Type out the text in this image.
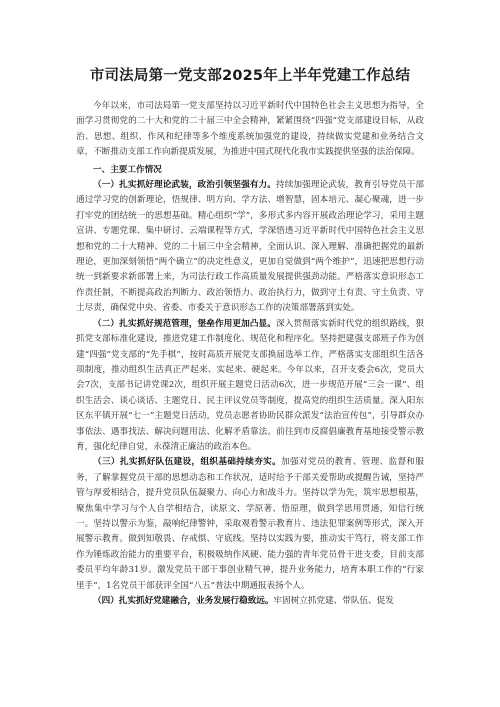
市司法局第一党支部2025年上半年党建工作总结

今年以来，市司法局第一党支部坚持以习近平新时代中国特色社会主义思想为指导，全面学习贯彻党的二十大和党的二十届三中全会精神，紧紧围绕“四强”党支部建设目标，从政治、思想、组织、作风和纪律等多个维度系统加强党的建设，持续做实党建和业务结合文章，不断推动支部工作向新提质发展，为推进中国式现代化我市实践提供坚强的法治保障。

一、主要工作情况

（一）扎实抓好理论武装，政治引领坚强有力。持续加强理论武装，教育引导党员干部通过学习党的创新理论，悟规律、明方向、学方法、增智慧，固本培元、凝心聚魂，进一步打牢党的团结统一的思想基础。精心组织“学”，多形式多内容开展政治理论学习，采用主题宣讲、专题党课、集中研讨、云端课程等方式，学深悟透习近平新时代中国特色社会主义思想和党的二十大精神、党的二十届三中全会精神，全面认识、深入理解、准确把握党的最新理论，更加深刻领悟“两个确立”的决定性意义，更加自觉做到“两个维护”，迅速把思想行动统一到新要求新部署上来，为司法行政工作高质量发展提供强劲动能。严格落实意识形态工作责任制，不断提高政治判断力、政治领悟力、政治执行力，做到守土有责、守土负责、守土尽责，确保党中央、省委、市委关于意识形态工作的决策部署落到实处。

（二）扎实抓好规范管理，堡垒作用更加凸显。深入贯彻落实新时代党的组织路线，狠抓党支部标准化建设，推进党建工作制度化、规范化和程序化。坚持把建强支部班子作为创建“四强”党支部的“先手棋”，按时高质开展党支部换届选举工作，严格落实支部组织生活各项制度，推动组织生活真正严起来、实起来、硬起来。今年以来，召开支委会6次，党员大会7次，支部书记讲党课2次，组织开展主题党日活动6次，进一步规范开展“三会一课”、组织生活会、谈心谈话、主题党日、民主评议党员等制度，提高党的组织生活质量。深入阳东区东平镇开展“七一”主题党日活动，党员志愿者协助民群众派发“法治宣传包”，引导群众办事依法、遇事找法、解决问题用法、化解矛盾靠法。前往到市反腐倡廉教育基地接受警示教育，强化纪律自觉，永葆清正廉洁的政治本色。

（三）扎实抓好队伍建设，组织基础持续夯实。加强对党员的教育、管理、监督和服务，了解掌握党员干部的思想动态和工作状况，适时给予干部关爱帮助或提醒告诫，坚持严管与厚爱相结合，提升党员队伍凝聚力、向心力和战斗力。坚持以学为先，筑牢思想根基，聚焦集中学习与个人自学相结合，读原文、学原著、悟原理，做到学思用贯通，知信行统一。坚持以警示为鉴，敲响纪律警钟，采取观看警示教育片、违法犯罪案例等形式，深入开展警示教育。做到知敬畏、存戒惧、守底线。坚持以实践为要，推动实干笃行，将支部工作作为锤炼政治能力的重要平台，积极吸纳作风硬、能力强的青年党员骨干进支委，目前支部委员平均年龄31岁。激发党员干部干事创业精气神，提升业务能力，培育本职工作的“行家里手”，1名党员干部获评全国“八五”普法中期通报表扬个人。

（四）扎实抓好党建融合，业务发展行稳致远。牢固树立抓党建、带队伍、促发
